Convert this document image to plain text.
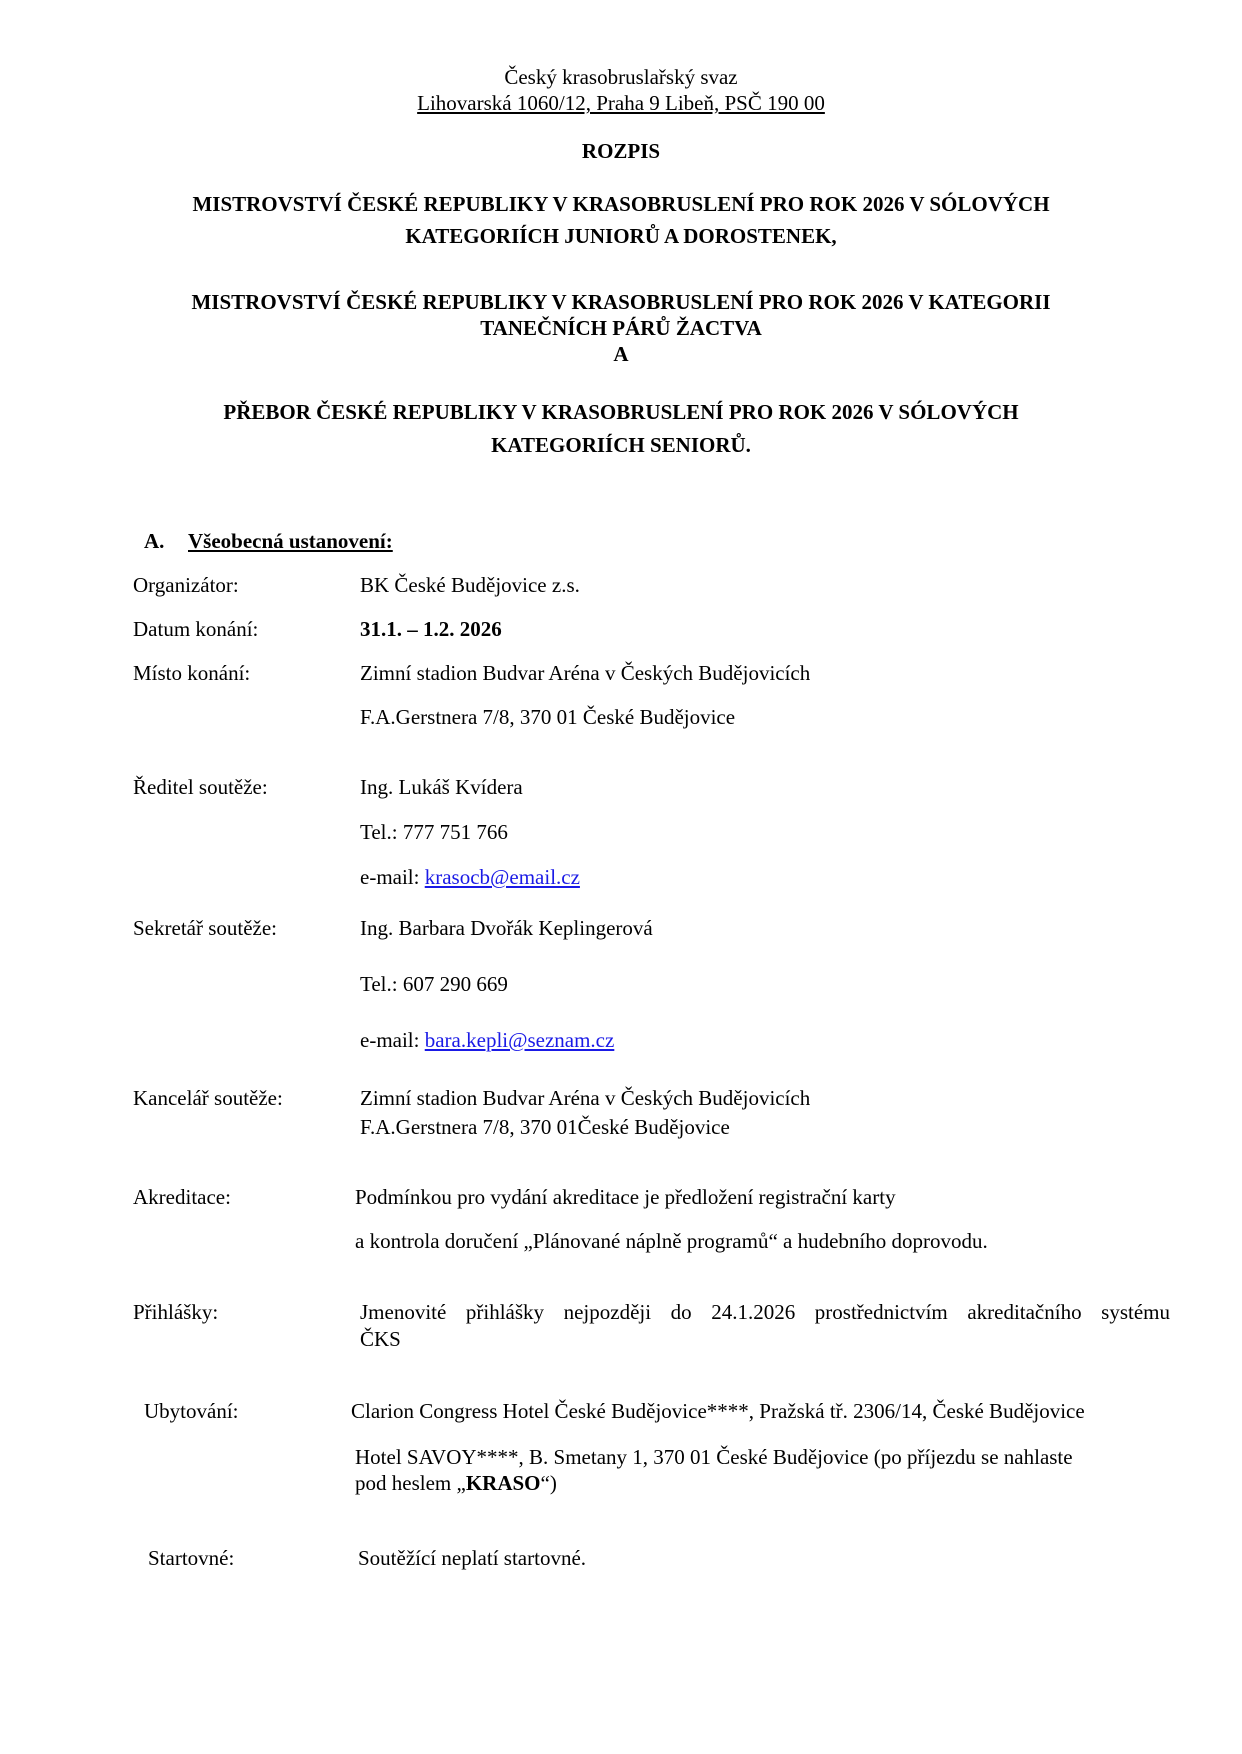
Český krasobruslařský svaz
Lihovarská 1060/12, Praha 9 Libeň, PSČ 190 00
ROZPIS
MISTROVSTVÍ ČESKÉ REPUBLIKY V KRASOBRUSLENÍ PRO ROK 2026 V SÓLOVÝCH
KATEGORIÍCH JUNIORŮ A DOROSTENEK,
MISTROVSTVÍ ČESKÉ REPUBLIKY V KRASOBRUSLENÍ PRO ROK 2026 V KATEGORII
TANEČNÍCH PÁRŮ ŽACTVA
A
PŘEBOR ČESKÉ REPUBLIKY V KRASOBRUSLENÍ PRO ROK 2026 V SÓLOVÝCH
KATEGORIÍCH SENIORŮ.
A. Všeobecná ustanovení:
Organizátor:	BK České Budějovice z.s.
Datum konání:	31.1. – 1.2. 2026
Místo konání:	Zimní stadion Budvar Aréna v Českých Budějovicích
F.A.Gerstnera 7/8, 370 01 České Budějovice
Ředitel soutěže:	Ing. Lukáš Kvídera
Tel.: 777 751 766
e-mail: krasocb@email.cz
Sekretář soutěže:	Ing. Barbara Dvořák Keplingerová
Tel.: 607 290 669
e-mail: bara.kepli@seznam.cz
Kancelář soutěže:	Zimní stadion Budvar Aréna v Českých Budějovicích
F.A.Gerstnera 7/8, 370 01České Budějovice
Akreditace:	Podmínkou pro vydání akreditace je předložení registrační karty
a kontrola doručení „Plánované náplně programů“ a hudebního doprovodu.
Přihlášky:	Jmenovité přihlášky nejpozději do 24.1.2026 prostřednictvím akreditačního systému
ČKS
Ubytování:	Clarion Congress Hotel České Budějovice****, Pražská tř. 2306/14, České Budějovice
Hotel SAVOY****, B. Smetany 1, 370 01 České Budějovice (po příjezdu se nahlaste
pod heslem „KRASO“)
Startovné:	Soutěžící neplatí startovné.
